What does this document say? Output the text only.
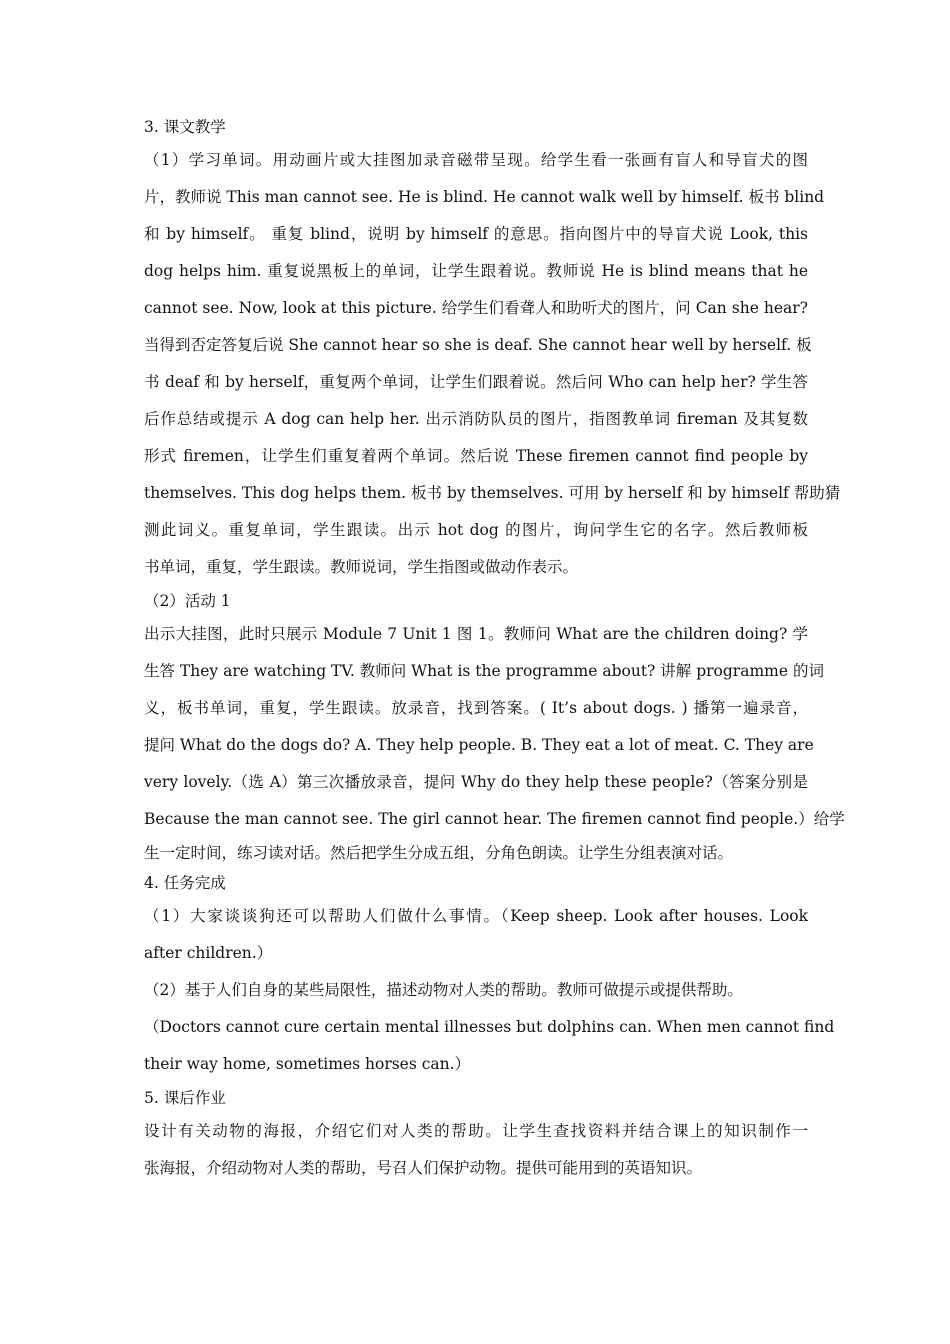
3. 课文教学
（1）学习单词。用动画片或大挂图加录音磁带呈现。给学生看一张画有盲人和导盲犬的图
片，教师说 This man cannot see. He is blind. He cannot walk well by himself. 板书 blind
和 by himself。 重复 blind，说明 by himself 的意思。指向图片中的导盲犬说 Look, this
dog helps him. 重复说黑板上的单词，让学生跟着说。教师说 He is blind means that he
cannot see. Now, look at this picture. 给学生们看聋人和助听犬的图片，问 Can she hear?
当得到否定答复后说 She cannot hear so she is deaf. She cannot hear well by herself. 板
书 deaf 和 by herself，重复两个单词，让学生们跟着说。然后问 Who can help her? 学生答
后作总结或提示 A dog can help her. 出示消防队员的图片，指图教单词 fireman 及其复数
形式 firemen，让学生们重复着两个单词。然后说 These firemen cannot find people by
themselves. This dog helps them. 板书 by themselves. 可用 by herself 和 by himself 帮助猜
测此词义。重复单词，学生跟读。出示 hot dog 的图片，询问学生它的名字。然后教师板
书单词，重复，学生跟读。教师说词，学生指图或做动作表示。
（2）活动 1
出示大挂图，此时只展示 Module 7 Unit 1 图 1。教师问 What are the children doing? 学
生答 They are watching TV. 教师问 What is the programme about? 讲解 programme 的词
义，板书单词，重复，学生跟读。放录音，找到答案。( It’s about dogs. ) 播第一遍录音，
提问 What do the dogs do? A. They help people. B. They eat a lot of meat. C. They are
very lovely.（选 A）第三次播放录音，提问 Why do they help these people?（答案分别是
Because the man cannot see. The girl cannot hear. The firemen cannot find people.）给学
生一定时间，练习读对话。然后把学生分成五组，分角色朗读。让学生分组表演对话。
4. 任务完成
（1）大家谈谈狗还可以帮助人们做什么事情。（Keep sheep. Look after houses. Look
after children.）
（2）基于人们自身的某些局限性，描述动物对人类的帮助。教师可做提示或提供帮助。
（Doctors cannot cure certain mental illnesses but dolphins can. When men cannot find
their way home, sometimes horses can.）
5. 课后作业
设计有关动物的海报，介绍它们对人类的帮助。让学生查找资料并结合课上的知识制作一
张海报，介绍动物对人类的帮助，号召人们保护动物。提供可能用到的英语知识。
